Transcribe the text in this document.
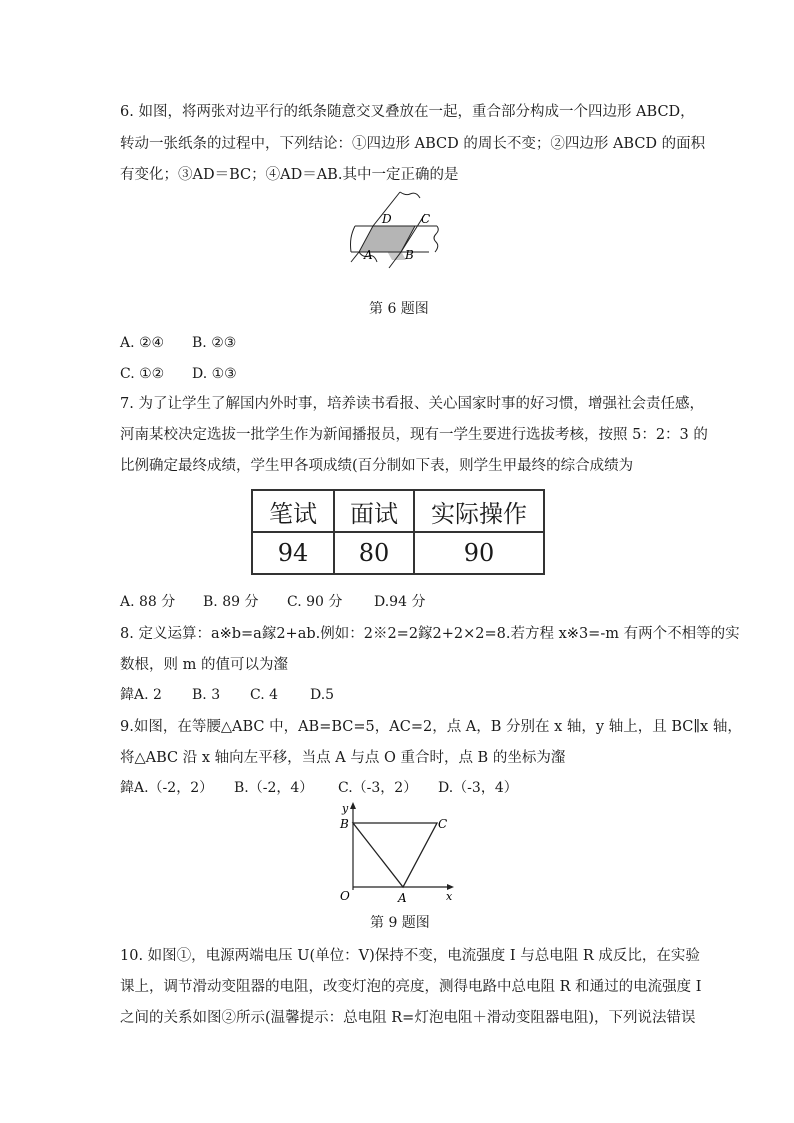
6. 如图，将两张对边平行的纸条随意交叉叠放在一起，重合部分构成一个四边形 ABCD，
转动一张纸条的过程中，下列结论：①四边形 ABCD 的周长不变；②四边形 ABCD 的面积
有变化；③AD＝BC；④AD＝AB.其中一定正确的是
D C
A	B
第 6 题图
A. ②④ B. ②③
C. ①② D. ①③
7. 为了让学生了解国内外时事，培养读书看报、关心国家时事的好习惯，增强社会责任感，
河南某校决定选拔一批学生作为新闻播报员，现有一学生要进行选拔考核，按照 5：2：3 的
比例确定最终成绩，学生甲各项成绩(百分制如下表，则学生甲最终的综合成绩为
笔试	面试	实际操作
94	80	90
A. 88 分 B. 89 分 C. 90 分 D.94 分
8. 定义运算：a※b=a鎵2+ab.例如：2※2=2鎵2+2×2=8.若方程 x※3=-m 有两个不相等的实
数根，则 m 的值可以为瀣
鍏A. 2 B. 3 C. 4 D.5
9.如图，在等腰△ABC 中，AB=BC=5，AC=2，点 A，B 分别在 x 轴，y 轴上，且 BC∥x 轴，
将△ABC 沿 x 轴向左平移，当点 A 与点 O 重合时，点 B 的坐标为瀣
鍏A.（-2，2） B.（-2，4） C.（-3，2） D.（-3，4）
y
B	C
O	A	x
第 9 题图
10. 如图①，电源两端电压 U(单位：V)保持不变，电流强度 I 与总电阻 R 成反比，在实验
课上，调节滑动变阻器的电阻，改变灯泡的亮度，测得电路中总电阻 R 和通过的电流强度 I
之间的关系如图②所示(温馨提示：总电阻 R=灯泡电阻＋滑动变阻器电阻)，下列说法错误
